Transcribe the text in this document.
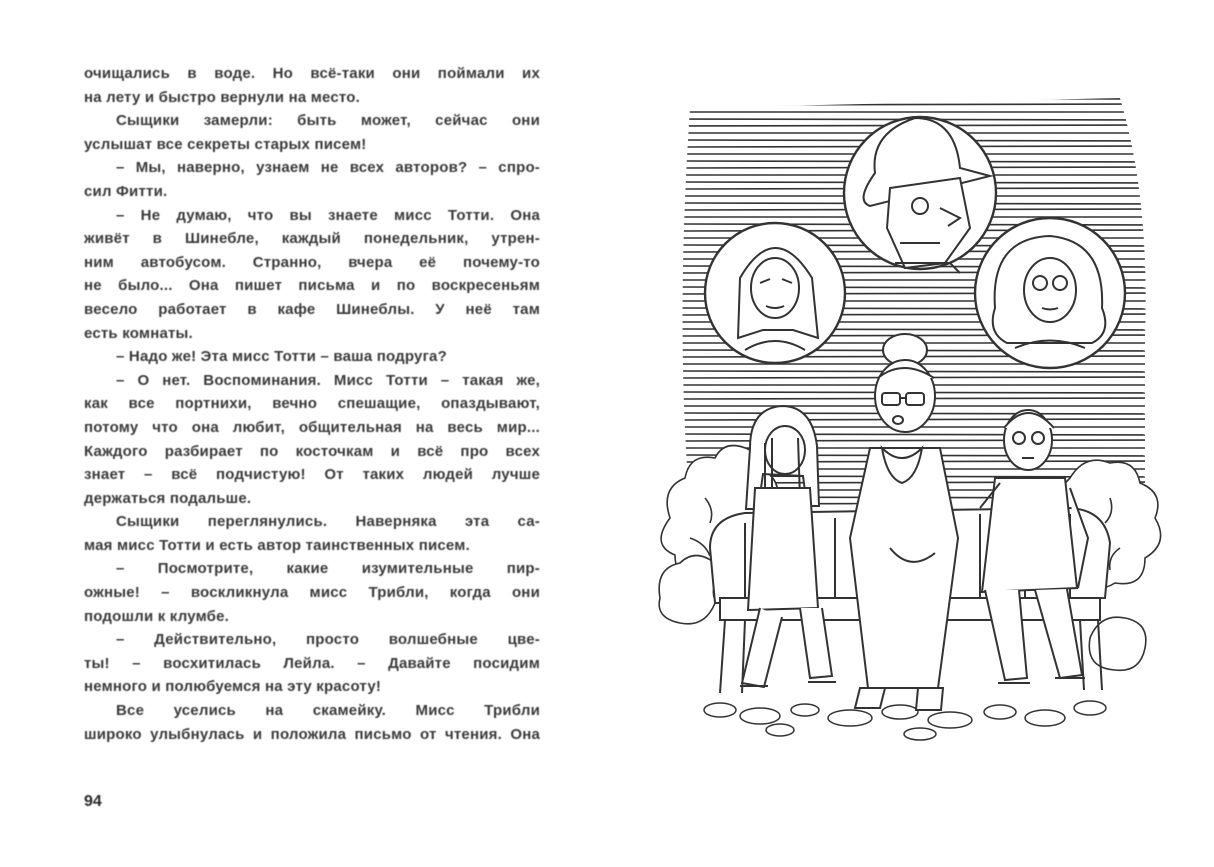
очищались в воде. Но всё-таки они поймали их
на лету и быстро вернули на место.
Сыщики замерли: быть может, сейчас они
услышат все секреты старых писем!
– Мы, наверно, узнаем не всех авторов? – спро-
сил Фитти.
– Не думаю, что вы знаете мисс Тотти. Она
живёт в Шинебле, каждый понедельник, утрен-
ним автобусом. Странно, вчера её почему-то
не было... Она пишет письма и по воскресеньям
весело работает в кафе Шинеблы. У неё там
есть комнаты.
– Надо же! Эта мисс Тотти – ваша подруга?
– О нет. Воспоминания. Мисс Тотти – такая же,
как все портнихи, вечно спешащие, опаздывают,
потому что она любит, общительная на весь мир...
Каждого разбирает по косточкам и всё про всех
знает – всё подчистую! От таких людей лучше
держаться подальше.
Сыщики переглянулись. Наверняка эта са-
мая мисс Тотти и есть автор таинственных писем.
– Посмотрите, какие изумительные пир-
ожные! – воскликнула мисс Трибли, когда они
подошли к клумбе.
– Действительно, просто волшебные цве-
ты! – восхитилась Лейла. – Давайте посидим
немного и полюбуемся на эту красоту!
Все уселись на скамейку. Мисс Трибли
широко улыбнулась и положила письмо от чтения. Она
94
